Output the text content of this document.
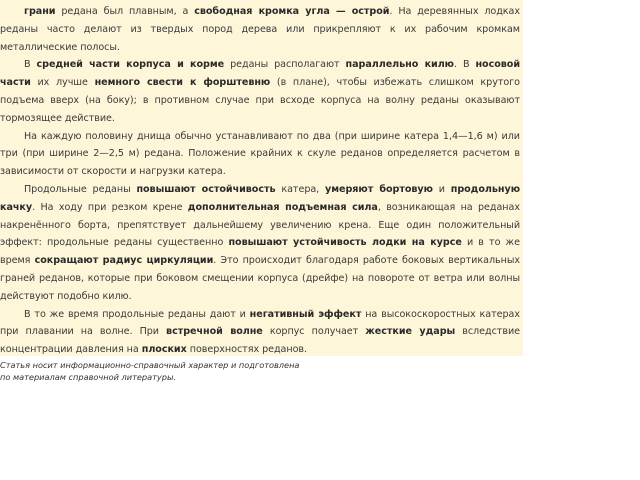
грани редана был плавным, а свободная кромка угла — острой. На деревянных лодках реданы часто делают из твердых пород дерева или прикрепляют к их рабочим кромкам металлические полосы.

В средней части корпуса и корме реданы располагают параллельно килю. В носовой части их лучше немного свести к форштевню (в плане), чтобы избежать слишком крутого подъема вверх (на боку); в противном случае при всходе корпуса на волну реданы оказывают тормозящее действие.

На каждую половину днища обычно устанавливают по два (при ширине катера 1,4—1,6 м) или три (при ширине 2—2,5 м) редана. Положение крайних к скуле реданов определяется расчетом в зависимости от скорости и нагрузки катера.

Продольные реданы повышают остойчивость катера, умеряют бортовую и продольную качку. На ходу при резком крене дополнительная подъемная сила, возникающая на реданах накренённого борта, препятствует дальнейшему увеличению крена. Еще один положительный эффект: продольные реданы существенно повышают устойчивость лодки на курсе и в то же время сокращают радиус циркуляции. Это происходит благодаря работе боковых вертикальных граней реданов, которые при боковом смещении корпуса (дрейфе) на повороте от ветра или волны действуют подобно килю.

В то же время продольные реданы дают и негативный эффект на высокоскоростных катерах при плавании на волне. При встречной волне корпус получает жесткие удары вследствие концентрации давления на плоских поверхностях реданов.

Статья носит информационно-справочный характер и подготовлена по материалам справочной литературы.
